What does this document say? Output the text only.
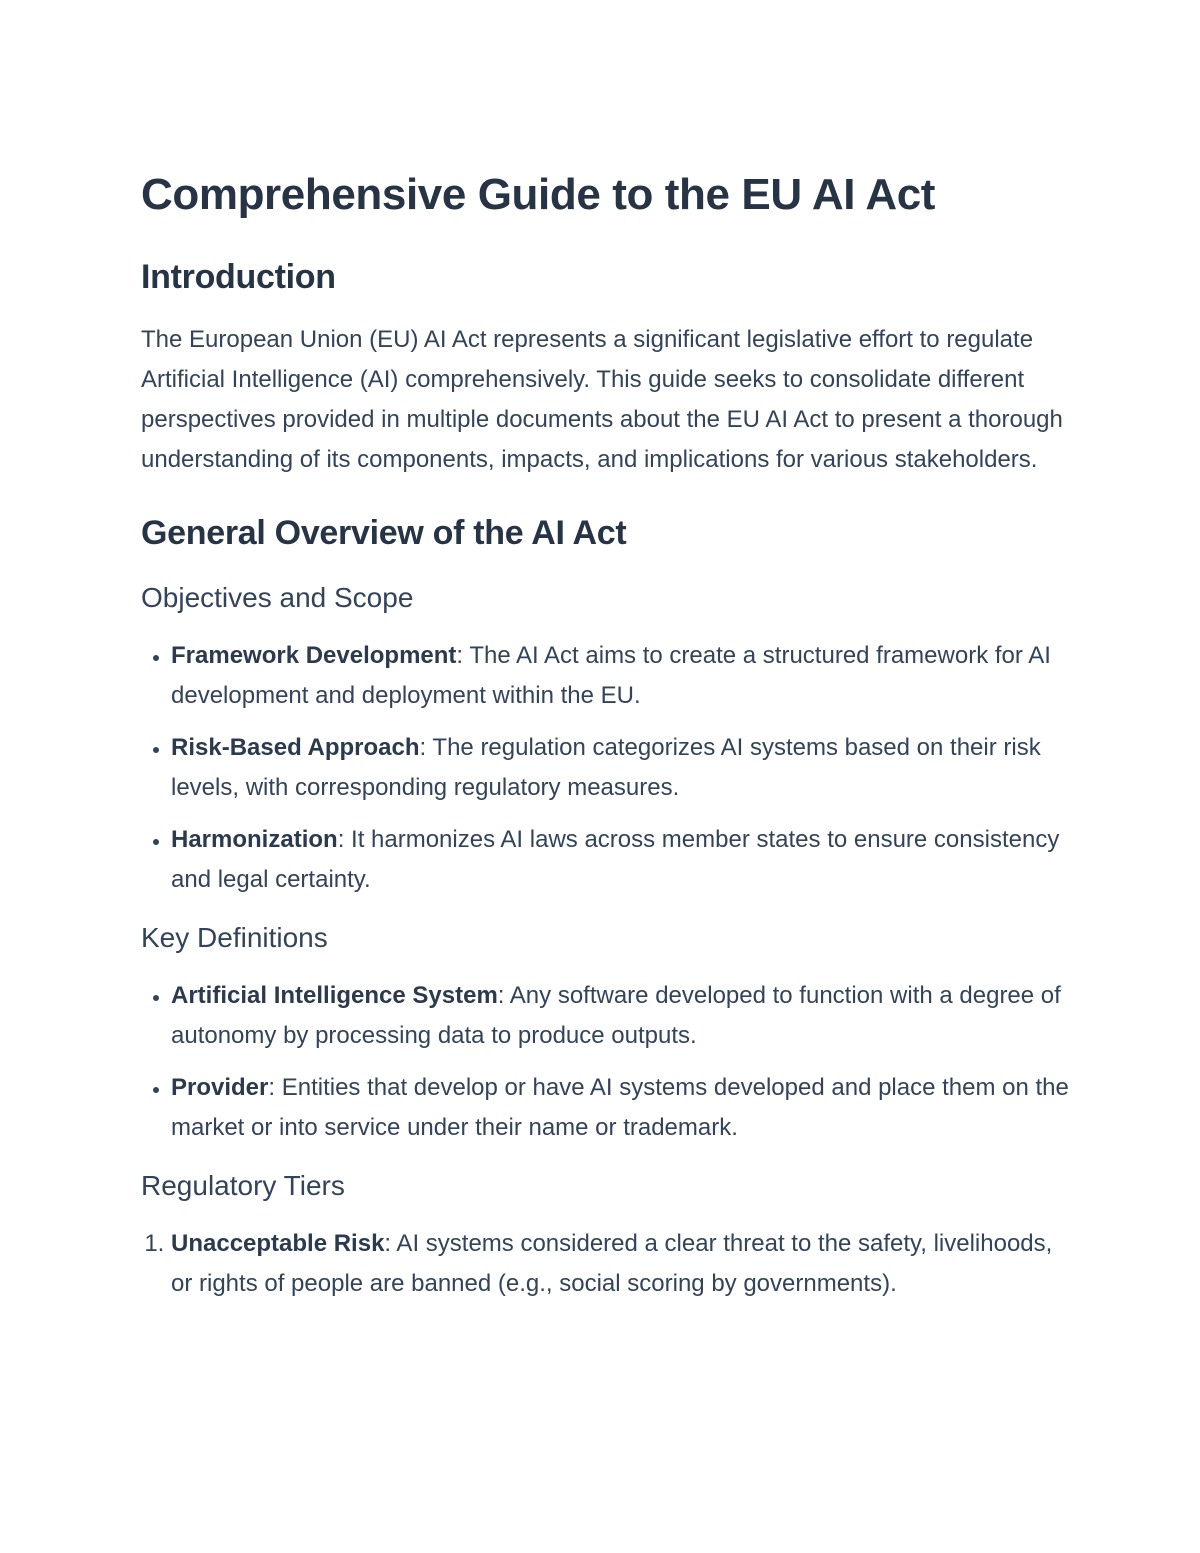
Comprehensive Guide to the EU AI Act
Introduction

The European Union (EU) AI Act represents a significant legislative effort to regulate Artificial Intelligence (AI) comprehensively. This guide seeks to consolidate different perspectives provided in multiple documents about the EU AI Act to present a thorough understanding of its components, impacts, and implications for various stakeholders.

General Overview of the AI Act
Objectives and Scope
• Framework Development: The AI Act aims to create a structured framework for AI development and deployment within the EU.
• Risk-Based Approach: The regulation categorizes AI systems based on their risk levels, with corresponding regulatory measures.
• Harmonization: It harmonizes AI laws across member states to ensure consistency and legal certainty.
Key Definitions
• Artificial Intelligence System: Any software developed to function with a degree of autonomy by processing data to produce outputs.
• Provider: Entities that develop or have AI systems developed and place them on the market or into service under their name or trademark.
Regulatory Tiers
1. Unacceptable Risk: AI systems considered a clear threat to the safety, livelihoods, or rights of people are banned (e.g., social scoring by governments).
